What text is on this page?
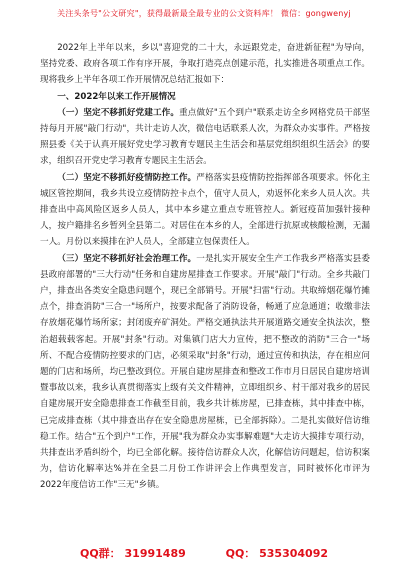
关注头条号"公文研究"，获得最新最全最专业的公文资料库！ 微信：gongwenyj

2022年上半年以来，乡以"喜迎党的二十大，永远跟党走，奋进新征程"为导向，坚持党委、政府各项工作有序开展，争取打造亮点创建示范，扎实推进各项重点工作。现将我乡上半年各项工作开展情况总结汇报如下：

一、2022年以来工作开展情况

（一）坚定不移抓好党建工作。重点做好"五个到户"联系走访全乡网格党员干部坚持每月开展"敲门行动"，共计走访人次，微信电话联系人次，为群众办实事件。严格按照县委《关于认真开展好党史学习教育专题民主生活会和基层党组织组织生活会》的要求，组织召开党史学习教育专题民主生活会。

（二）坚定不移抓好疫情防控工作。严格落实县疫情防控指挥部各项要求。怀化主城区管控期间，我乡共设立疫情防控卡点个，值守人员人，劝返怀化来乡人员人次。共排查出中高风险区返乡人员人，其中本乡建立重点专班管控人。新冠疫苗加强针接种人，按户籍排名乡暂列全县第二。对居住在本乡的人，全部进行抗原或核酸检测，无漏一人。月份以来摸排在沪人员人，全部建立包保责任人。

（三）坚定不移抓好社会治理工作。一是扎实开展安全生产工作我乡严格落实县委县政府部署的"三大行动"任务和自建房屋排查工作要求。开展"敲门"行动。全乡共敲门户，排查出各类安全隐患问题个，现已全部销号。开展"扫雷"行动。共取缔烟花爆竹摊点个，排查消防"三合一"场所户，按要求配备了消防设备，畅通了应急通道；收缴非法存放烟花爆竹场所家；封闭废弃矿洞处。严格交通执法共开展道路交通安全执法次，整治超载载客起。开展"封条"行动。对集镇门店大力宣传，把不整改的消防"三合一"场所、不配合疫情防控要求的门店，必须采取"封条"行动，通过宣传和执法，存在相应问题的门店和场所，均已整改到位。开展自建房屋排查和整改工作市月日居民自建房培训暨事故以来，我乡认真贯彻落实上级有关文件精神，立即组织乡、村干部对我乡的居民自建房展开安全隐患排查工作截至目前，我乡共计栋房屋，已排查栋，其中排查中栋，已完成排查栋（其中排查出存在安全隐患房屋栋，已全部拆除）。二是扎实做好信访维稳工作。结合"五个到户"工作，开展"我为群众办实事解难题"大走访大摸排专项行动，共排查出矛盾纠纷个，均已全部化解。接待信访群众人次，化解信访问题起，信访积案为，信访化解率达%并在全县二月份工作讲评会上作典型发言，同时被怀化市评为2022年度信访工作"三无"乡镇。

QQ群： 31991489	QQ： 535304092
